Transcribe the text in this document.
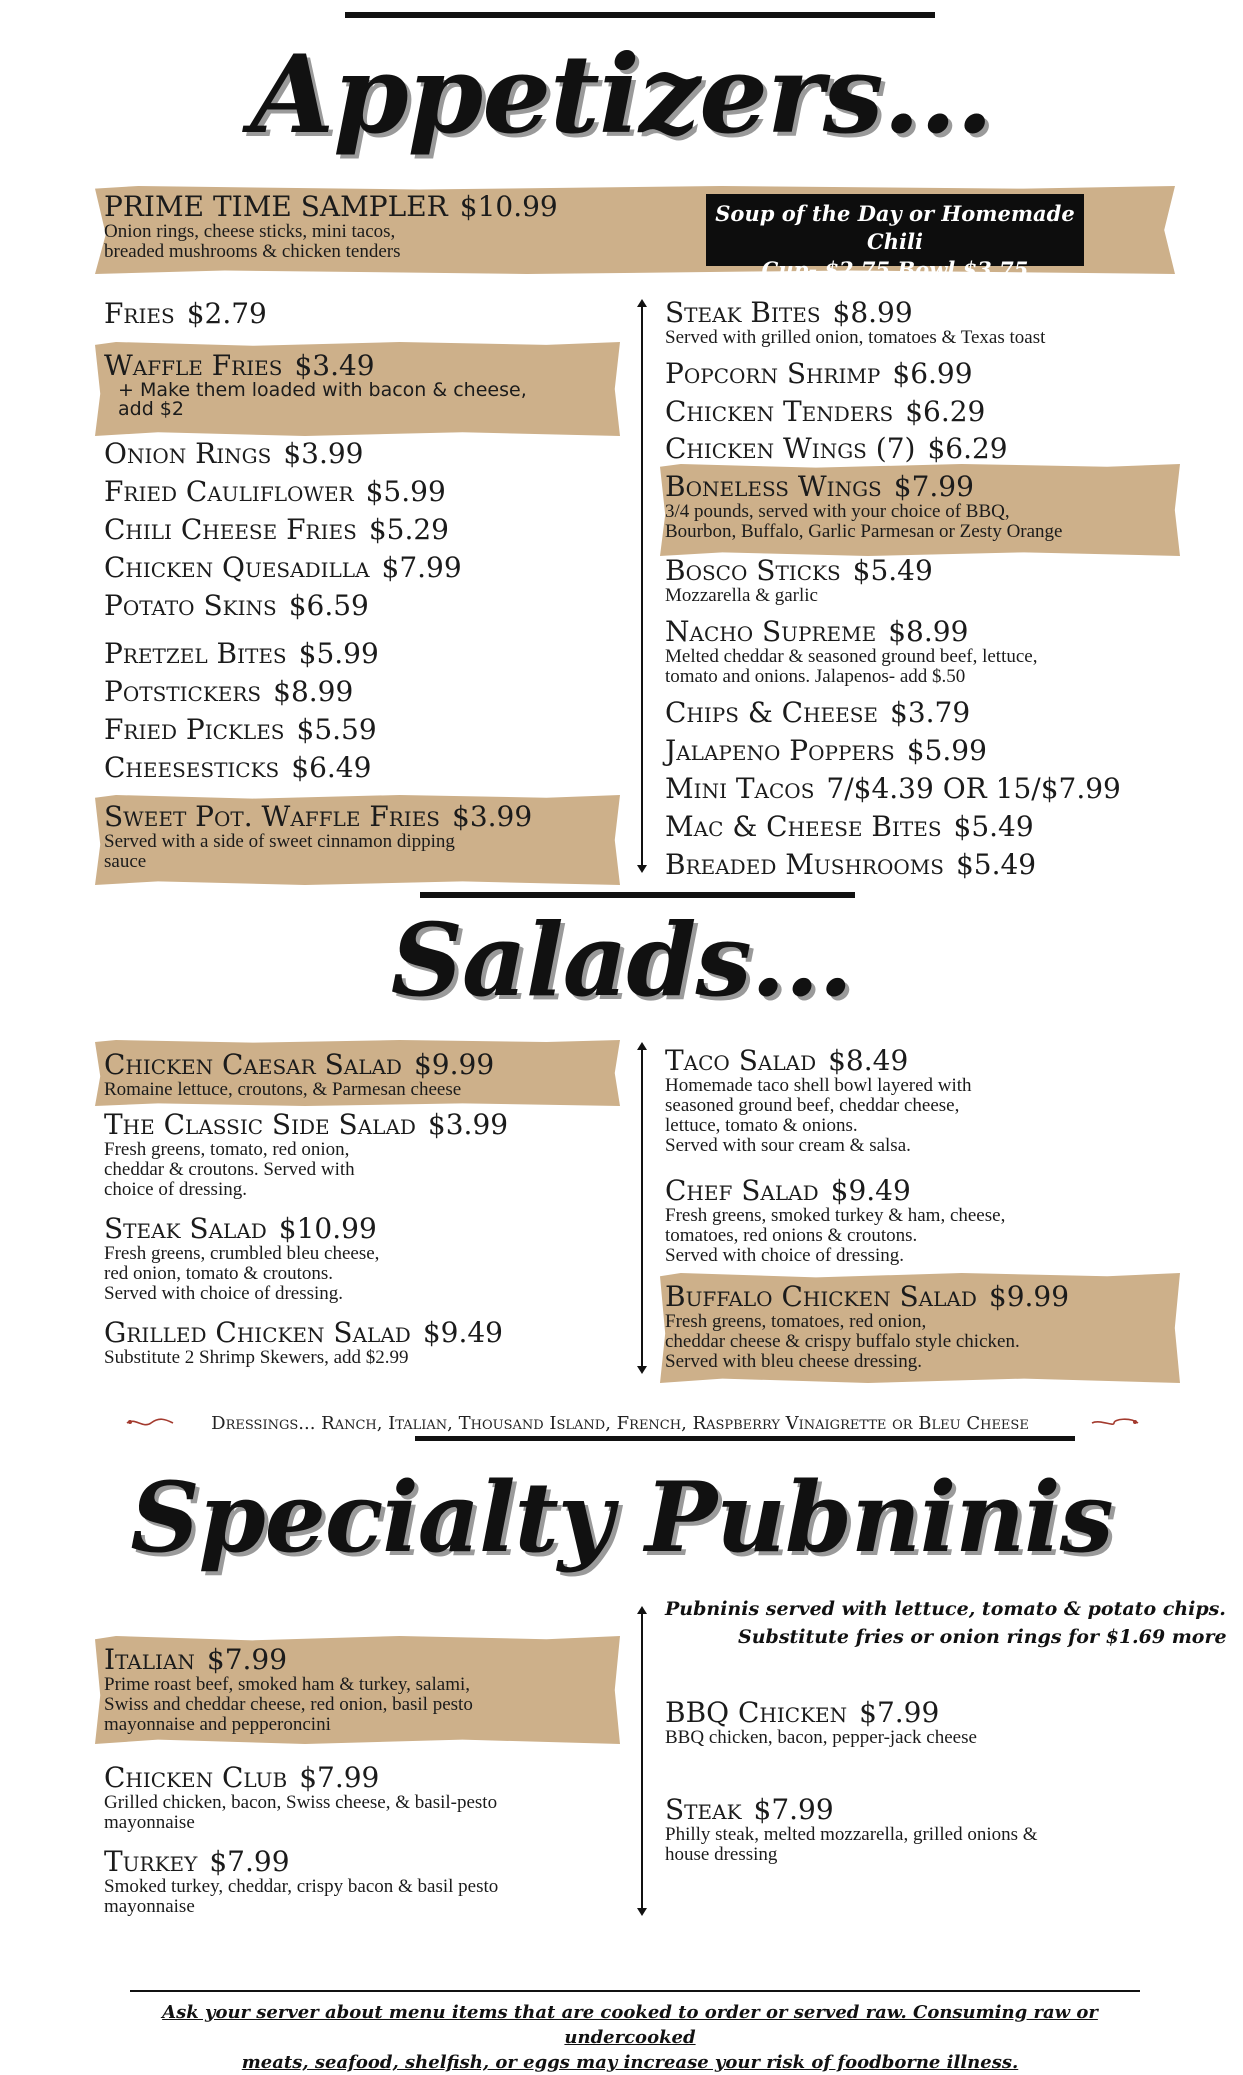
Appetizers...
Soup of the Day or Homemade Chili
Cup- $2.75 Bowl $3.75
PRIME TIME SAMPLER $10.99
Onion rings, cheese sticks, mini tacos,
breaded mushrooms & chicken tenders
Fries $2.79
Waffle Fries $3.49
+ Make them loaded with bacon & cheese,
add $2
Onion Rings $3.99
Fried Cauliflower $5.99
Chili Cheese Fries $5.29
Chicken Quesadilla $7.99
Potato Skins $6.59
Pretzel Bites $5.99
Potstickers $8.99
Fried Pickles $5.59
Cheesesticks $6.49
Sweet Pot. Waffle Fries $3.99
Served with a side of sweet cinnamon dipping
sauce
Steak Bites $8.99
Served with grilled onion, tomatoes & Texas toast
Popcorn Shrimp $6.99
Chicken Tenders $6.29
Chicken Wings (7) $6.29
Boneless Wings $7.99
3/4 pounds, served with your choice of BBQ,
Bourbon, Buffalo, Garlic Parmesan or Zesty Orange
Bosco Sticks $5.49
Mozzarella & garlic
Nacho Supreme $8.99
Melted cheddar & seasoned ground beef, lettuce,
tomato and onions. Jalapenos- add $.50
Chips & Cheese $3.79
Jalapeno Poppers $5.99
Mini Tacos 7/$4.39 OR 15/$7.99
Mac & Cheese Bites $5.49
Breaded Mushrooms $5.49
Salads...
Chicken Caesar Salad $9.99
Romaine lettuce, croutons, & Parmesan cheese
The Classic Side Salad $3.99
Fresh greens, tomato, red onion,
cheddar & croutons. Served with
choice of dressing.
Steak Salad $10.99
Fresh greens, crumbled bleu cheese,
red onion, tomato & croutons.
Served with choice of dressing.
Grilled Chicken Salad $9.49
Substitute 2 Shrimp Skewers, add $2.99
Taco Salad $8.49
Homemade taco shell bowl layered with
seasoned ground beef, cheddar cheese,
lettuce, tomato & onions.
Served with sour cream & salsa.
Chef Salad $9.49
Fresh greens, smoked turkey & ham, cheese,
tomatoes, red onions & croutons.
Served with choice of dressing.
Buffalo Chicken Salad $9.99
Fresh greens, tomatoes, red onion,
cheddar cheese & crispy buffalo style chicken.
Served with bleu cheese dressing.
Dressings... Ranch, Italian, Thousand Island, French, Raspberry Vinaigrette or Bleu Cheese
Specialty Pubninis
Pubninis served with lettuce, tomato & potato chips.
Substitute fries or onion rings for $1.69 more
Italian $7.99
Prime roast beef, smoked ham & turkey, salami,
Swiss and cheddar cheese, red onion, basil pesto
mayonnaise and pepperoncini
Chicken Club $7.99
Grilled chicken, bacon, Swiss cheese, & basil-pesto
mayonnaise
Turkey $7.99
Smoked turkey, cheddar, crispy bacon & basil pesto
mayonnaise
BBQ Chicken $7.99
BBQ chicken, bacon, pepper-jack cheese
Steak $7.99
Philly steak, melted mozzarella, grilled onions &
house dressing
Ask your server about menu items that are cooked to order or served raw. Consuming raw or undercooked
meats, seafood, shelfish, or eggs may increase your risk of foodborne illness.
